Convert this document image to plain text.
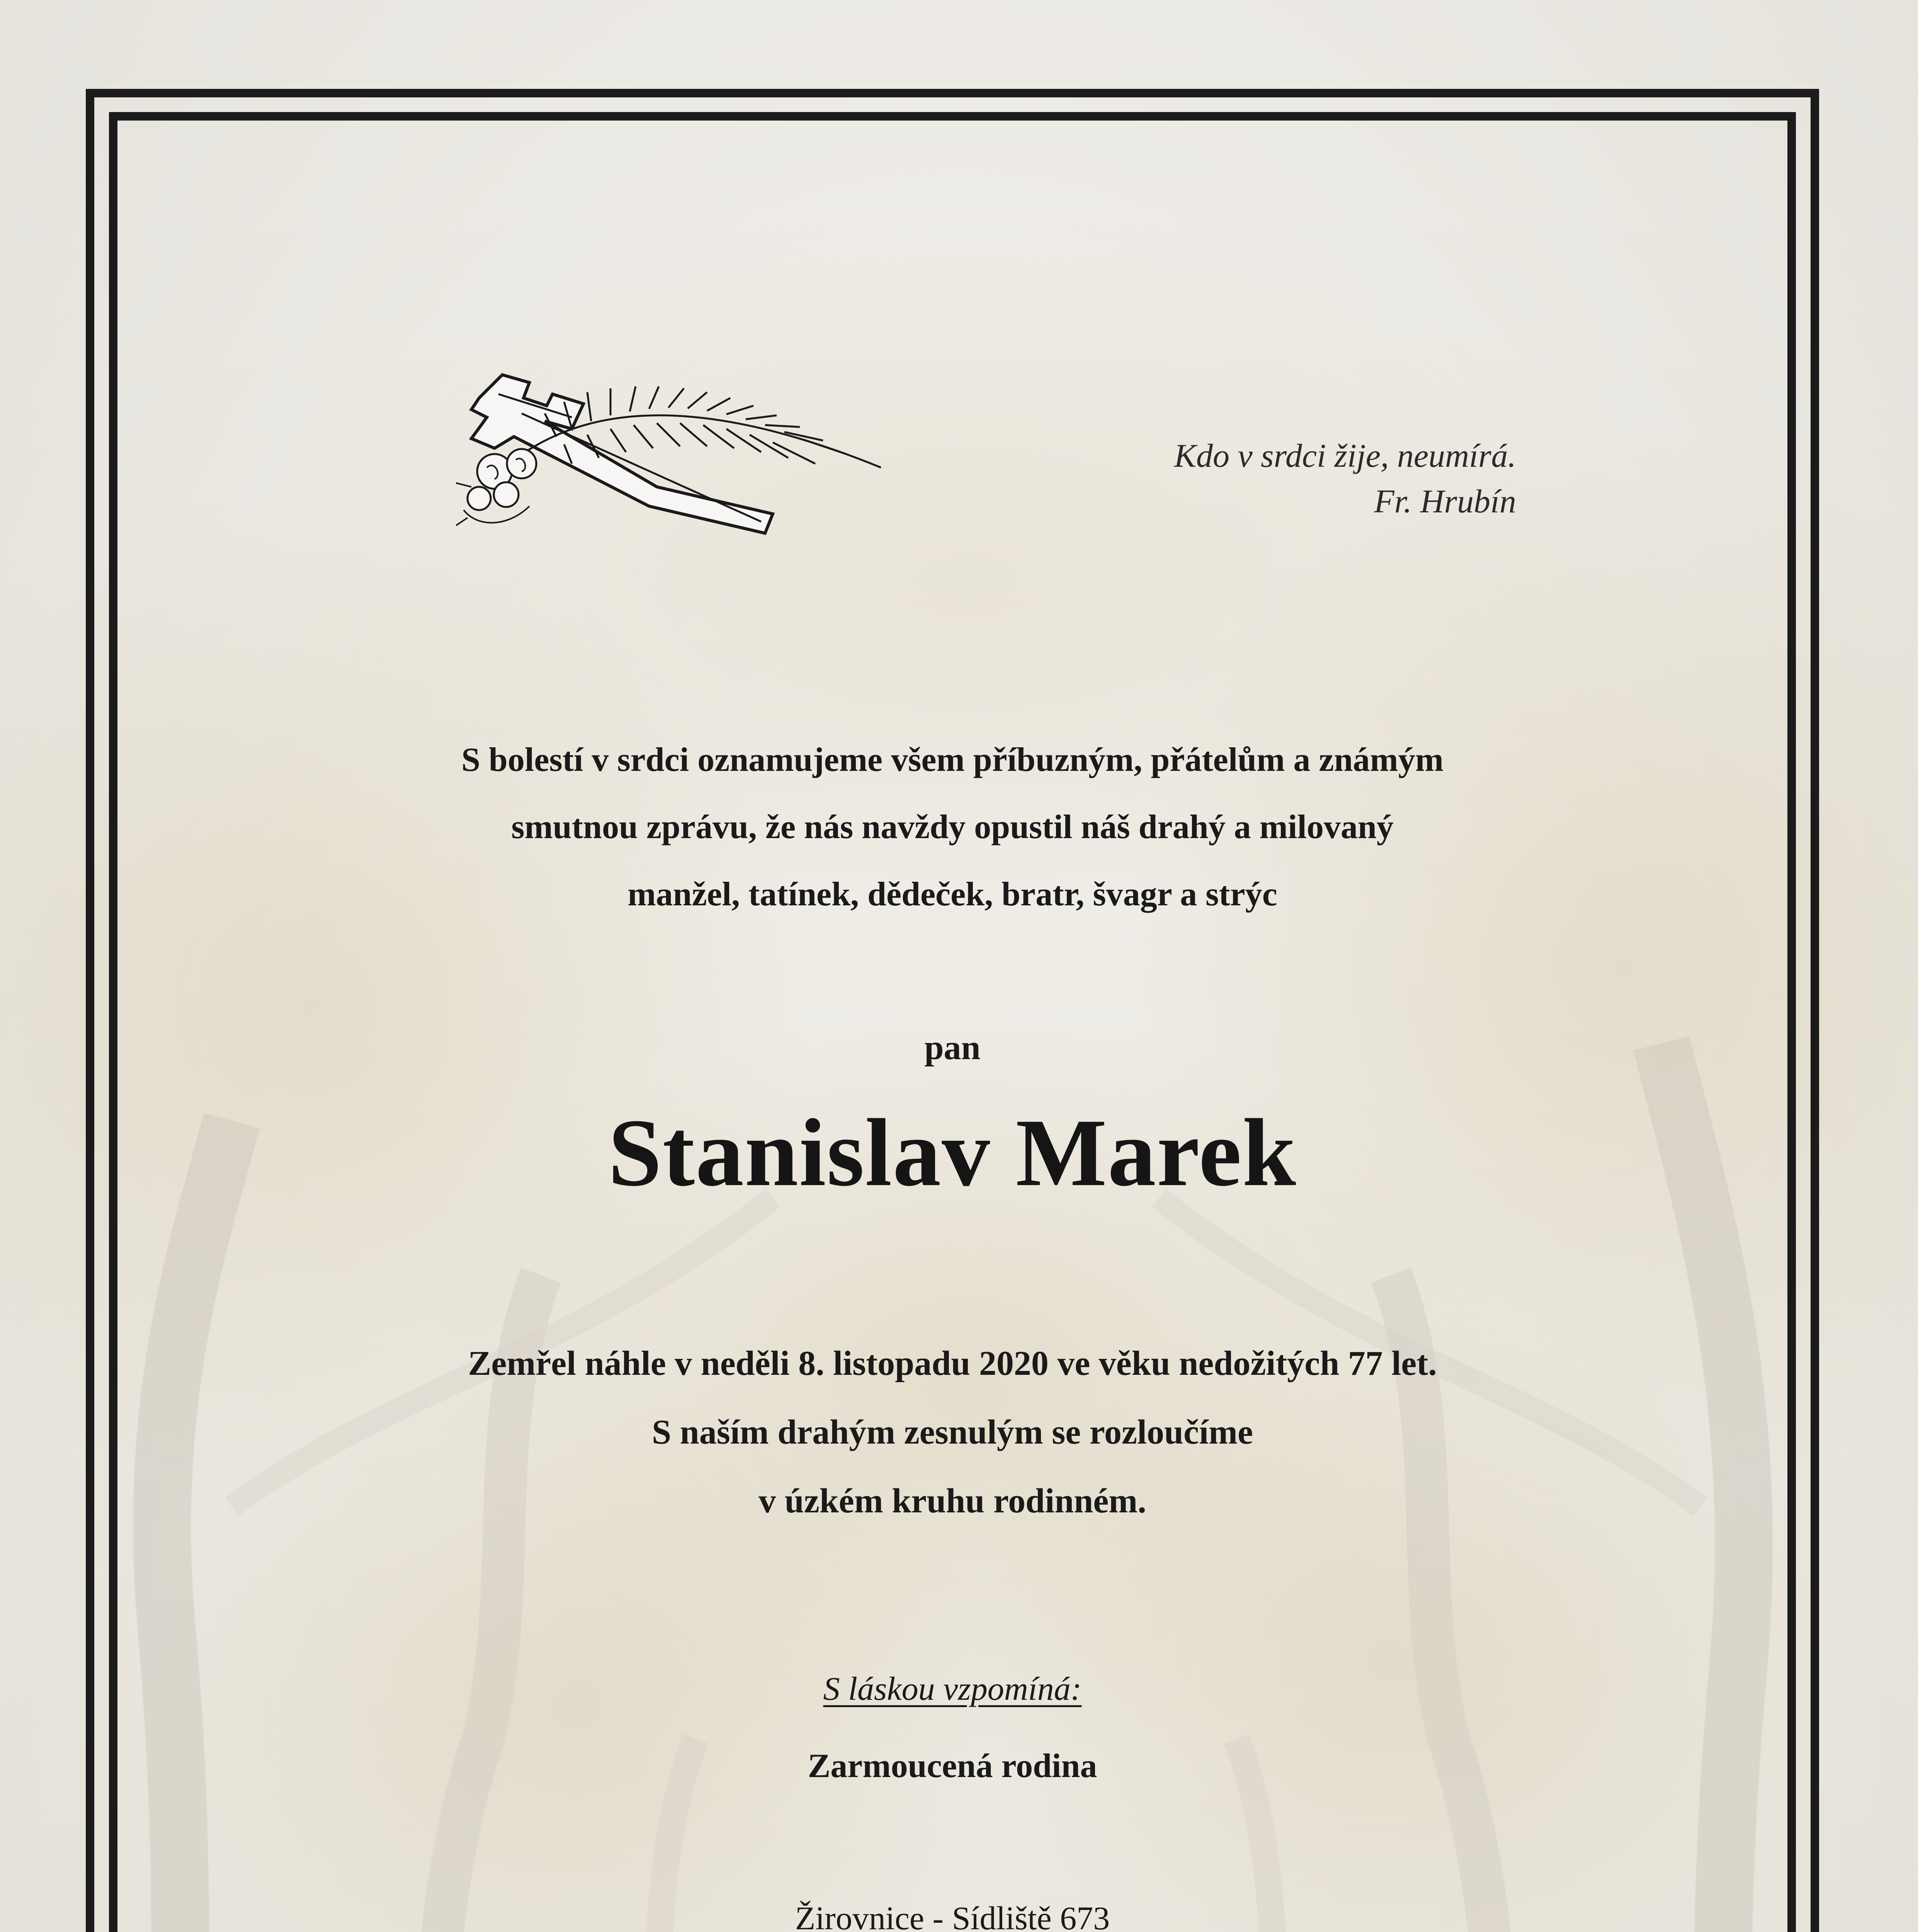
Kdo v srdci žije, neumírá.
Fr. Hrubín
S bolestí v srdci oznamujeme všem příbuzným, přátelům a známým
smutnou zprávu, že nás navždy opustil náš drahý a milovaný
manžel, tatínek, dědeček, bratr, švagr a strýc
pan
Stanislav Marek
Zemřel náhle v neděli 8. listopadu 2020 ve věku nedožitých 77 let.
S naším drahým zesnulým se rozloučíme
v úzkém kruhu rodinném.
S láskou vzpomíná:
Zarmoucená rodina
Žirovnice - Sídliště 673
